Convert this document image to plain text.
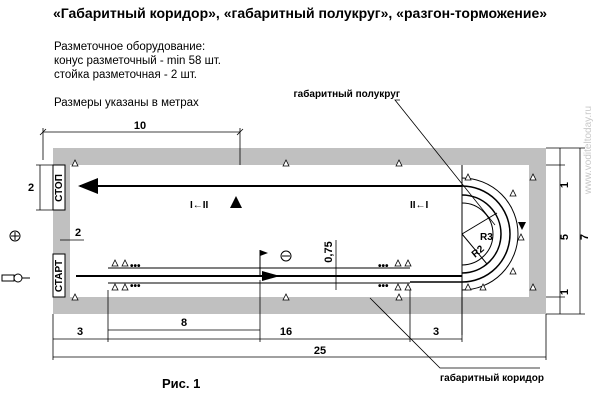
«Габаритный коридор», «габаритный полукруг», «разгон-торможение»
Разметочное оборудование:
конус разметочный - min 58 шт.
стойка разметочная - 2 шт.
Размеры указаны в метрах
www.voditeltoday.ru
R3
R2
I←II	II←I
•••
•••
•••
•••
СТОП
СТАРТ
10
2
2
0,75
3
8
16	3
25
1
5 7
1
габаритный полукруг
габаритный коридор
Рис. 1
